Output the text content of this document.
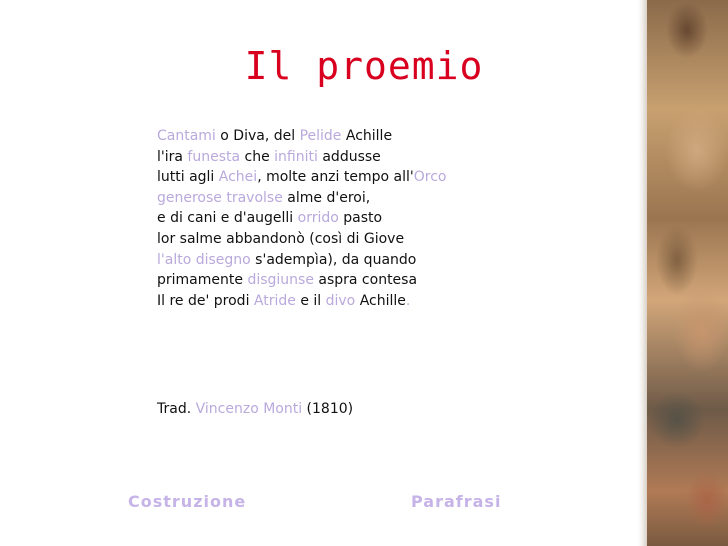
Il proemio
Cantami o Diva, del Pelide Achille
l'ira funesta che infiniti addusse
lutti agli Achei, molte anzi tempo all'Orco
generose travolse alme d'eroi,
e di cani e d'augelli orrido pasto
lor salme abbandonò (così di Giove
l'alto disegno s'adempìa), da quando
primamente disgiunse aspra contesa
Il re de' prodi Atride e il divo Achille.
Trad. Vincenzo Monti (1810)
Costruzione	Parafrasi
